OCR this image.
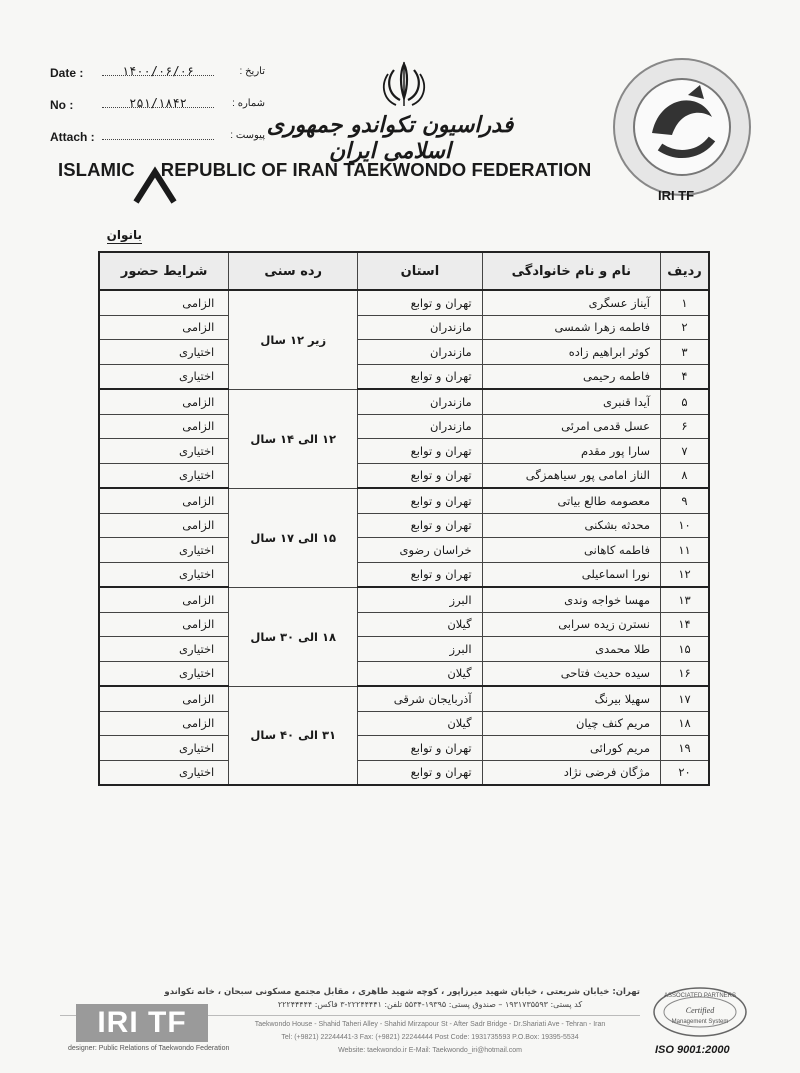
Date :	۱۴۰۰/۰۶/۰۶	تاریخ :
No :	۲۵۱/۱۸۴۲	شماره :
Attach :	پیوست : فدراسیون تکواندو جمهوری اسلامی ایران
ISLAMIC REPUBLIC OF IRAN TAEKWONDO FEDERATION
IRI TF
بانوان
ردیف	نام و نام خانوادگی	استان	رده سنی	شرایط حضور
۱	آیناز عسگری	تهران و توابع	زیر ۱۲ سال	الزامی
۲	فاطمه زهرا شمسی	مازندران		الزامی
۳	کوثر ابراهیم زاده	مازندران		اختیاری
۴	فاطمه رحیمی	تهران و توابع		اختیاری
۵	آیدا قنبری	مازندران	۱۲ الی ۱۴ سال	الزامی
۶	عسل قدمی امرئی	مازندران		الزامی
۷	سارا پور مقدم	تهران و توابع		اختیاری
۸	الناز امامی پور سیاهمزگی	تهران و توابع		اختیاری
۹	معصومه طالع بیاتی	تهران و توابع	۱۵ الی ۱۷ سال	الزامی
۱۰	محدثه بشکنی	تهران و توابع		الزامی
۱۱	فاطمه کاهانی	خراسان رضوی		اختیاری
۱۲	نورا اسماعیلی	تهران و توابع		اختیاری
۱۳	مهسا خواجه وندی	البرز	۱۸ الی ۳۰ سال	الزامی
۱۴	نسترن زیده سرابی	گیلان		الزامی
۱۵	طلا محمدی	البرز		اختیاری
۱۶	سیده حدیث فتاحی	گیلان		اختیاری
۱۷	سهیلا بیرنگ	آذربایجان شرقی	۳۱ الی ۴۰ سال	الزامی
۱۸	مریم کنف چیان	گیلان		الزامی
۱۹	مریم کورائی	تهران و توابع		اختیاری
۲۰	مژگان فرضی نژاد	تهران و توابع		اختیاری
تهران: خیابان شریعتی ، خیابان شهید میرزاپور ، کوچه شهید طاهری ، مقابل مجتمع مسکونی سبحان ، خانه تکواندو
کد پستی: ۱۹۳۱۷۳۵۵۹۳ – صندوق پستی: ۱۹۳۹۵-۵۵۳۴ تلفن: ۲۲۲۴۴۴۴۱-۳ فاکس: ۲۲۲۴۴۴۴۴
Taekwondo House - Shahid Taheri Alley - Shahid Mirzapour St - After Sadr Bridge - Dr.Shariati Ave - Tehran - Iran
Tel: (+9821) 22244441-3 Fax: (+9821) 22244444 Post Code: 1931735593 P.O.Box: 19395-5534
Website: taekwondo.ir E-Mail: Taekwondo_iri@hotmail.com
IRI TF
designer: Public Relations of Taekwondo Federation
ASSOCIATED PARTNERS
Certified
Management System
ISO 9001:2000
